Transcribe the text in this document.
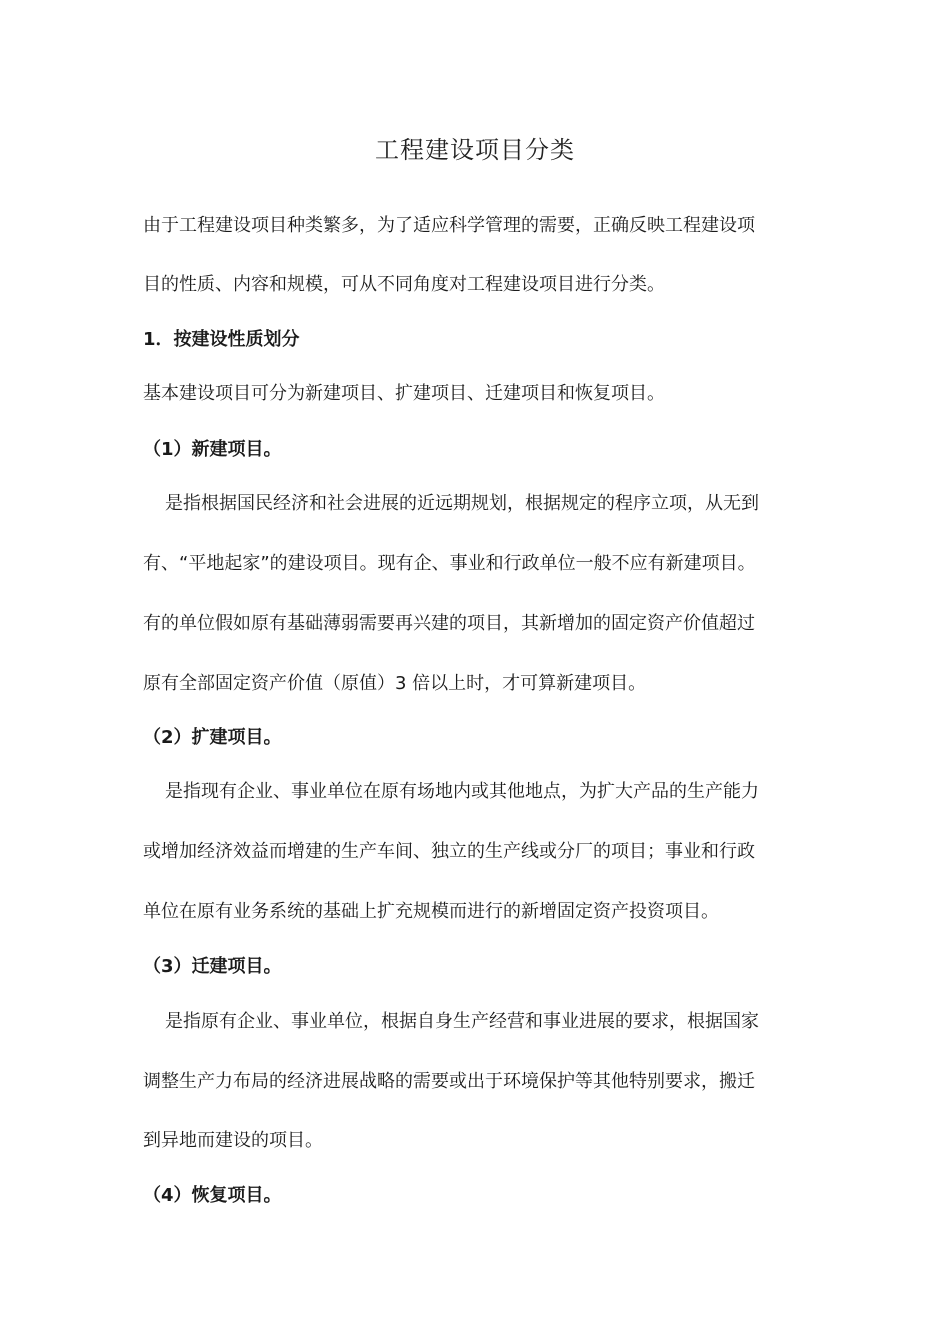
工程建设项目分类
由于工程建设项目种类繁多，为了适应科学管理的需要，正确反映工程建设项
目的性质、内容和规模，可从不同角度对工程建设项目进行分类。
1．按建设性质划分
基本建设项目可分为新建项目、扩建项目、迁建项目和恢复项目。
（1）新建项目。
是指根据国民经济和社会进展的近远期规划，根据规定的程序立项，从无到
有、“平地起家”的建设项目。现有企、事业和行政单位一般不应有新建项目。
有的单位假如原有基础薄弱需要再兴建的项目，其新增加的固定资产价值超过
原有全部固定资产价值（原值）3 倍以上时，才可算新建项目。
（2）扩建项目。
是指现有企业、事业单位在原有场地内或其他地点，为扩大产品的生产能力
或增加经济效益而增建的生产车间、独立的生产线或分厂的项目；事业和行政
单位在原有业务系统的基础上扩充规模而进行的新增固定资产投资项目。
（3）迁建项目。
是指原有企业、事业单位，根据自身生产经营和事业进展的要求，根据国家
调整生产力布局的经济进展战略的需要或出于环境保护等其他特别要求，搬迁
到异地而建设的项目。
（4）恢复项目。
